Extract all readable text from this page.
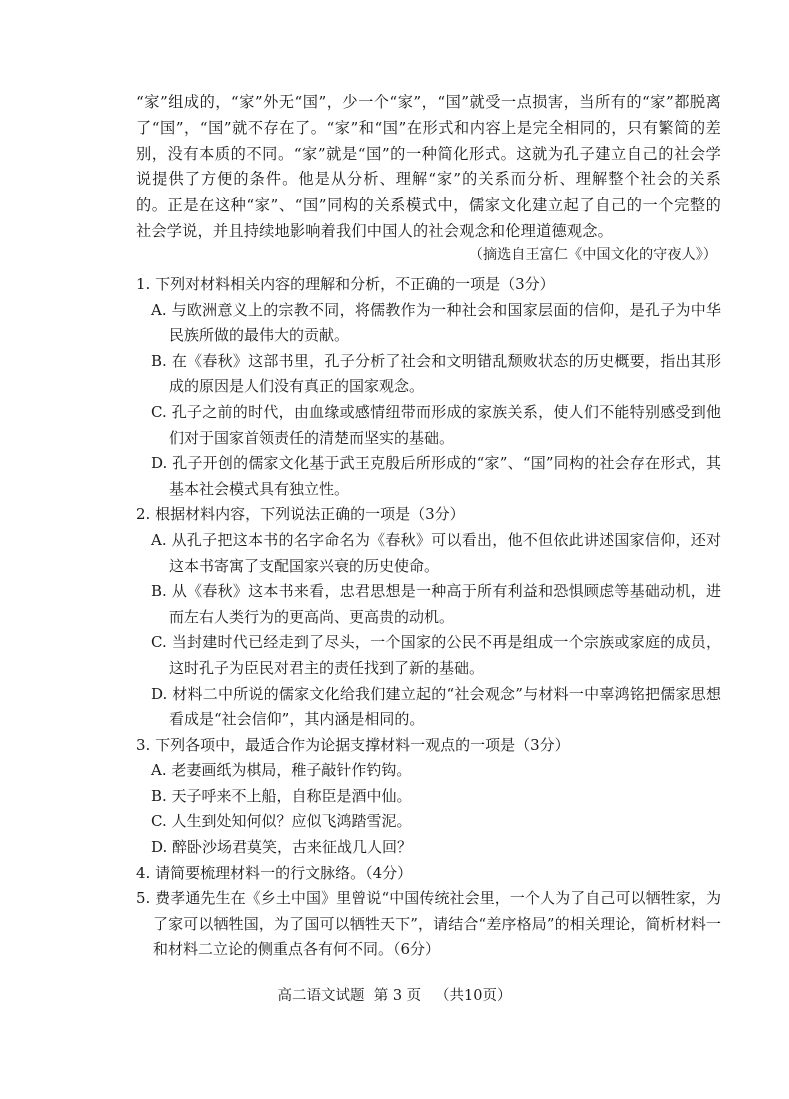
“家”组成的，“家”外无“国”，少一个“家”，“国”就受一点损害，当所有的“家”都脱离了“国”，“国”就不存在了。“家”和“国”在形式和内容上是完全相同的，只有繁简的差别，没有本质的不同。“家”就是“国”的一种简化形式。这就为孔子建立自己的社会学说提供了方便的条件。他是从分析、理解“家”的关系而分析、理解整个社会的关系的。正是在这种“家”、“国”同构的关系模式中，儒家文化建立起了自己的一个完整的社会学说，并且持续地影响着我们中国人的社会观念和伦理道德观念。

（摘选自王富仁《中国文化的守夜人》）

1. 下列对材料相关内容的理解和分析，不正确的一项是（3分）

A. 与欧洲意义上的宗教不同，将儒教作为一种社会和国家层面的信仰，是孔子为中华民族所做的最伟大的贡献。

B. 在《春秋》这部书里，孔子分析了社会和文明错乱颓败状态的历史概要，指出其形成的原因是人们没有真正的国家观念。

C. 孔子之前的时代，由血缘或感情纽带而形成的家族关系，使人们不能特别感受到他们对于国家首领责任的清楚而坚实的基础。

D. 孔子开创的儒家文化基于武王克殷后所形成的“家”、“国”同构的社会存在形式，其基本社会模式具有独立性。

2. 根据材料内容，下列说法正确的一项是（3分）

A. 从孔子把这本书的名字命名为《春秋》可以看出，他不但依此讲述国家信仰，还对这本书寄寓了支配国家兴衰的历史使命。

B. 从《春秋》这本书来看，忠君思想是一种高于所有利益和恐惧顾虑等基础动机，进而左右人类行为的更高尚、更高贵的动机。

C. 当封建时代已经走到了尽头，一个国家的公民不再是组成一个宗族或家庭的成员，这时孔子为臣民对君主的责任找到了新的基础。

D. 材料二中所说的儒家文化给我们建立起的“社会观念”与材料一中辜鸿铭把儒家思想看成是“社会信仰”，其内涵是相同的。

3. 下列各项中，最适合作为论据支撑材料一观点的一项是（3分）

A. 老妻画纸为棋局，稚子敲针作钓钩。

B. 天子呼来不上船，自称臣是酒中仙。

C. 人生到处知何似？应似飞鸿踏雪泥。

D. 醉卧沙场君莫笑，古来征战几人回？

4. 请简要梳理材料一的行文脉络。（4分）

5. 费孝通先生在《乡土中国》里曾说“中国传统社会里，一个人为了自己可以牺牲家，为了家可以牺牲国，为了国可以牺牲天下”，请结合“差序格局”的相关理论，简析材料一和材料二立论的侧重点各有何不同。（6分）

高二语文试题  第 3 页   （共10页）
